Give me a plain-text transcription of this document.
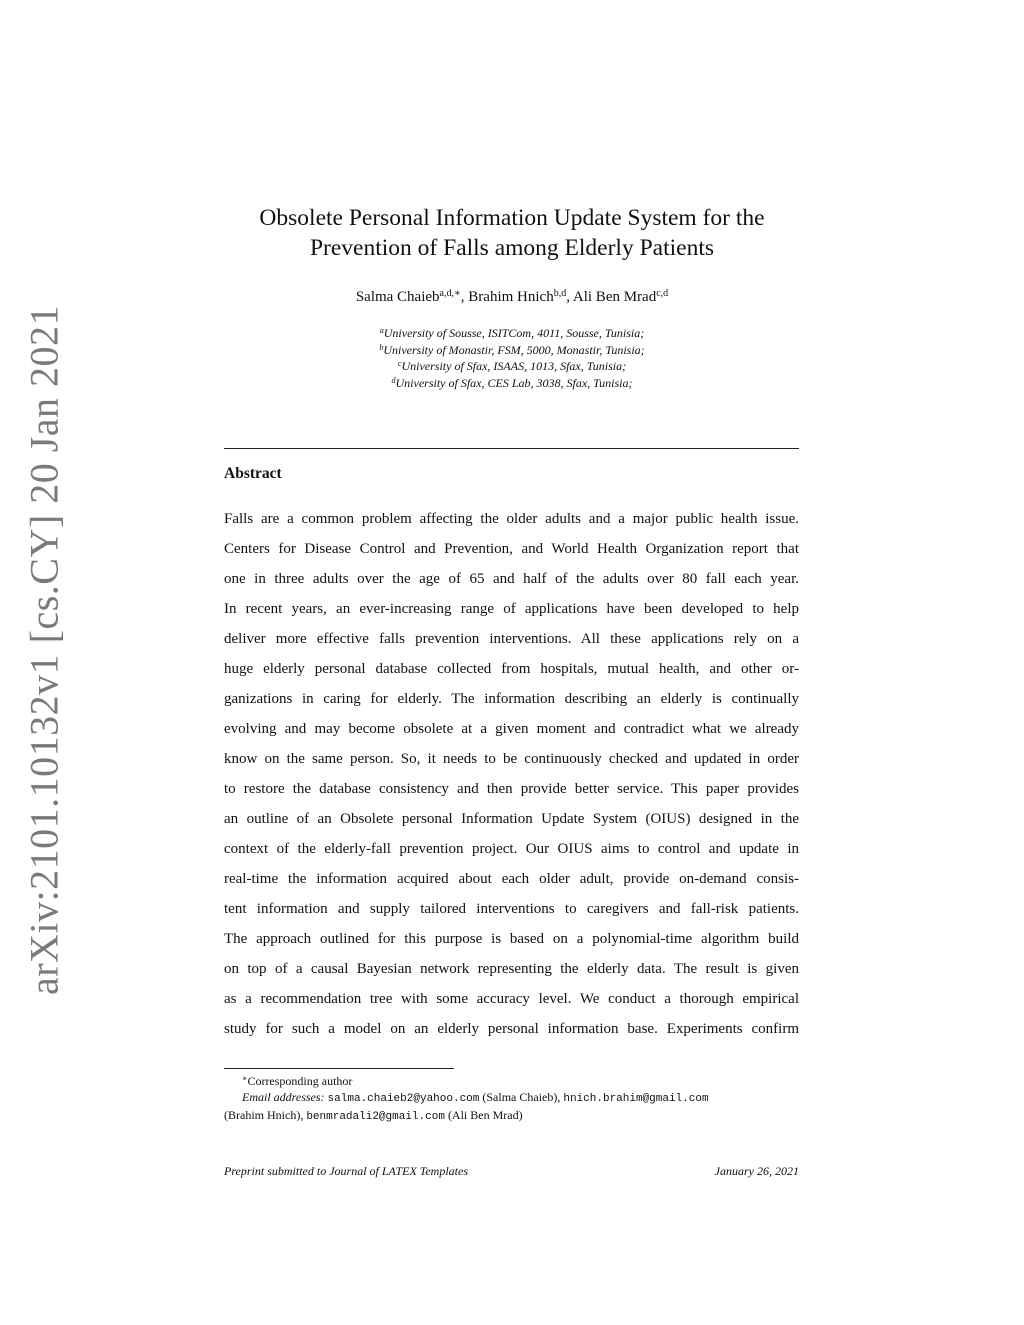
arXiv:2101.10132v1 [cs.CY] 20 Jan 2021
Obsolete Personal Information Update System for the
Prevention of Falls among Elderly Patients
Salma Chaieb$^{a,d,∗}$, Brahim Hnich$^{b,d}$, Ali Ben Mrad$^{c,d}$
$^a$University of Sousse, ISITCom, 4011, Sousse, Tunisia;
$^b$University of Monastir, FSM, 5000, Monastir, Tunisia;
$^c$University of Sfax, ISAAS, 1013, Sfax, Tunisia;
$^d$University of Sfax, CES Lab, 3038, Sfax, Tunisia;
Abstract
Falls are a common problem affecting the older adults and a major public health issue.
Centers for Disease Control and Prevention, and World Health Organization report that
one in three adults over the age of 65 and half of the adults over 80 fall each year.
In recent years, an ever-increasing range of applications have been developed to help
deliver more effective falls prevention interventions. All these applications rely on a
huge elderly personal database collected from hospitals, mutual health, and other or-
ganizations in caring for elderly. The information describing an elderly is continually
evolving and may become obsolete at a given moment and contradict what we already
know on the same person. So, it needs to be continuously checked and updated in order
to restore the database consistency and then provide better service. This paper provides
an outline of an Obsolete personal Information Update System (OIUS) designed in the
context of the elderly-fall prevention project. Our OIUS aims to control and update in
real-time the information acquired about each older adult, provide on-demand consis-
tent information and supply tailored interventions to caregivers and fall-risk patients.
The approach outlined for this purpose is based on a polynomial-time algorithm build
on top of a causal Bayesian network representing the elderly data. The result is given
as a recommendation tree with some accuracy level. We conduct a thorough empirical
study for such a model on an elderly personal information base. Experiments confirm
∗Corresponding author
Email addresses: salma.chaieb2@yahoo.com (Salma Chaieb), hnich.brahim@gmail.com
(Brahim Hnich), benmradali2@gmail.com (Ali Ben Mrad)
Preprint submitted to Journal of LATEX Templates	January 26, 2021
